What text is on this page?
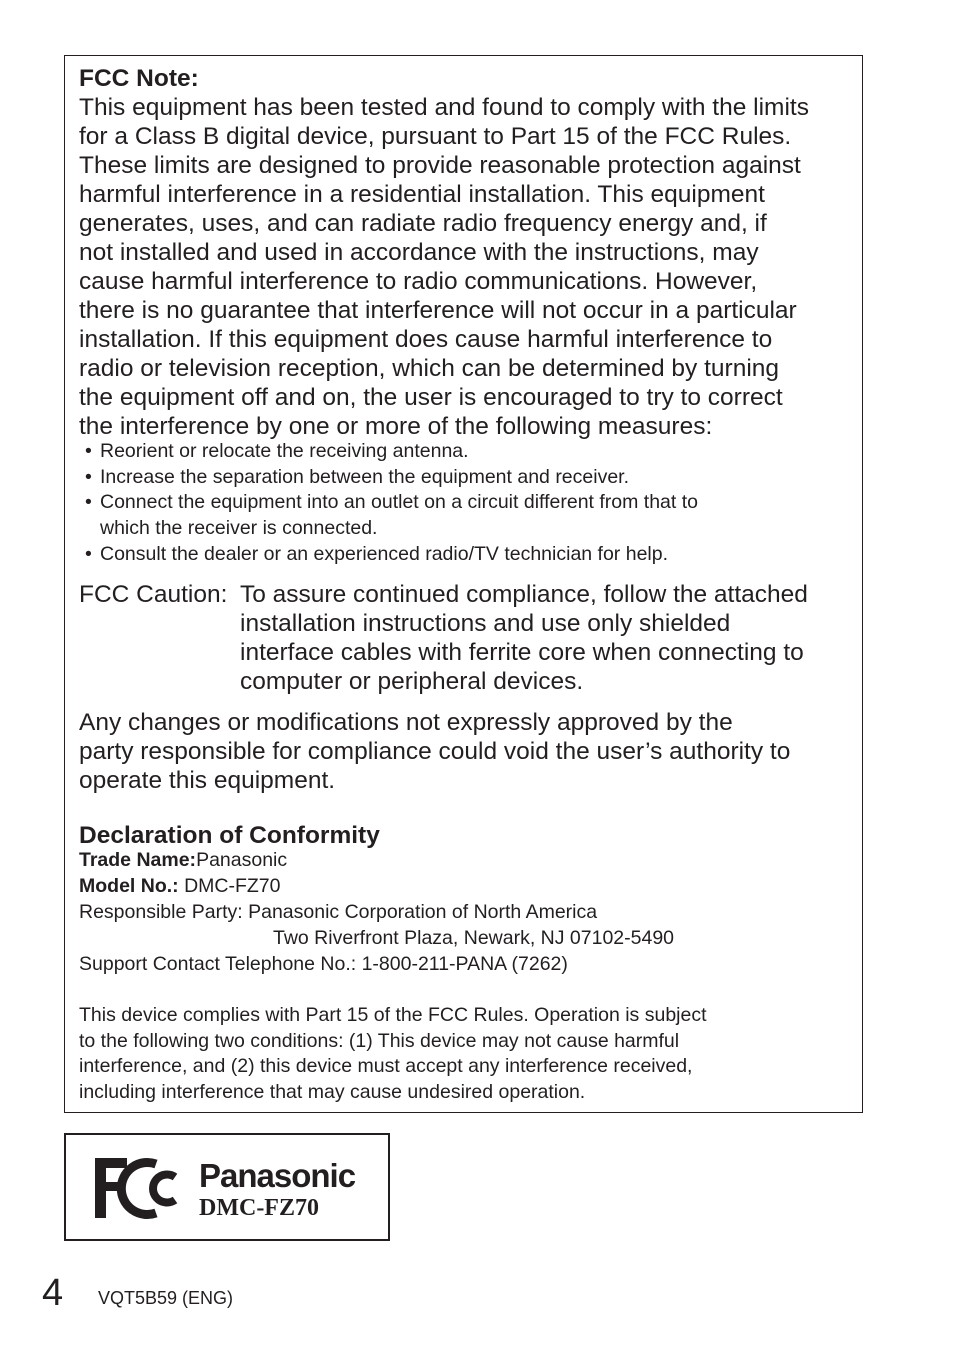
FCC Note:
This equipment has been tested and found to comply with the limits
for a Class B digital device, pursuant to Part 15 of the FCC Rules.
These limits are designed to provide reasonable protection against
harmful interference in a residential installation. This equipment
generates, uses, and can radiate radio frequency energy and, if
not installed and used in accordance with the instructions, may
cause harmful interference to radio communications. However,
there is no guarantee that interference will not occur in a particular
installation. If this equipment does cause harmful interference to
radio or television reception, which can be determined by turning
the equipment off and on, the user is encouraged to try to correct
the interference by one or more of the following measures:
• Reorient or relocate the receiving antenna.
• Increase the separation between the equipment and receiver.
• Connect the equipment into an outlet on a circuit different from that to
which the receiver is connected.
• Consult the dealer or an experienced radio/TV technician for help.
FCC Caution: To assure continued compliance, follow the attached
installation instructions and use only shielded
interface cables with ferrite core when connecting to
computer or peripheral devices.
Any changes or modifications not expressly approved by the
party responsible for compliance could void the user’s authority to
operate this equipment.
Declaration of Conformity
Trade Name:Panasonic
Model No.: DMC-FZ70
Responsible Party: Panasonic Corporation of North America
Two Riverfront Plaza, Newark, NJ 07102-5490
Support Contact Telephone No.: 1-800-211-PANA (7262)
This device complies with Part 15 of the FCC Rules. Operation is subject
to the following two conditions: (1) This device may not cause harmful
interference, and (2) this device must accept any interference received,
including interference that may cause undesired operation.
Panasonic
DMC-FZ70
4 VQT5B59 (ENG)
